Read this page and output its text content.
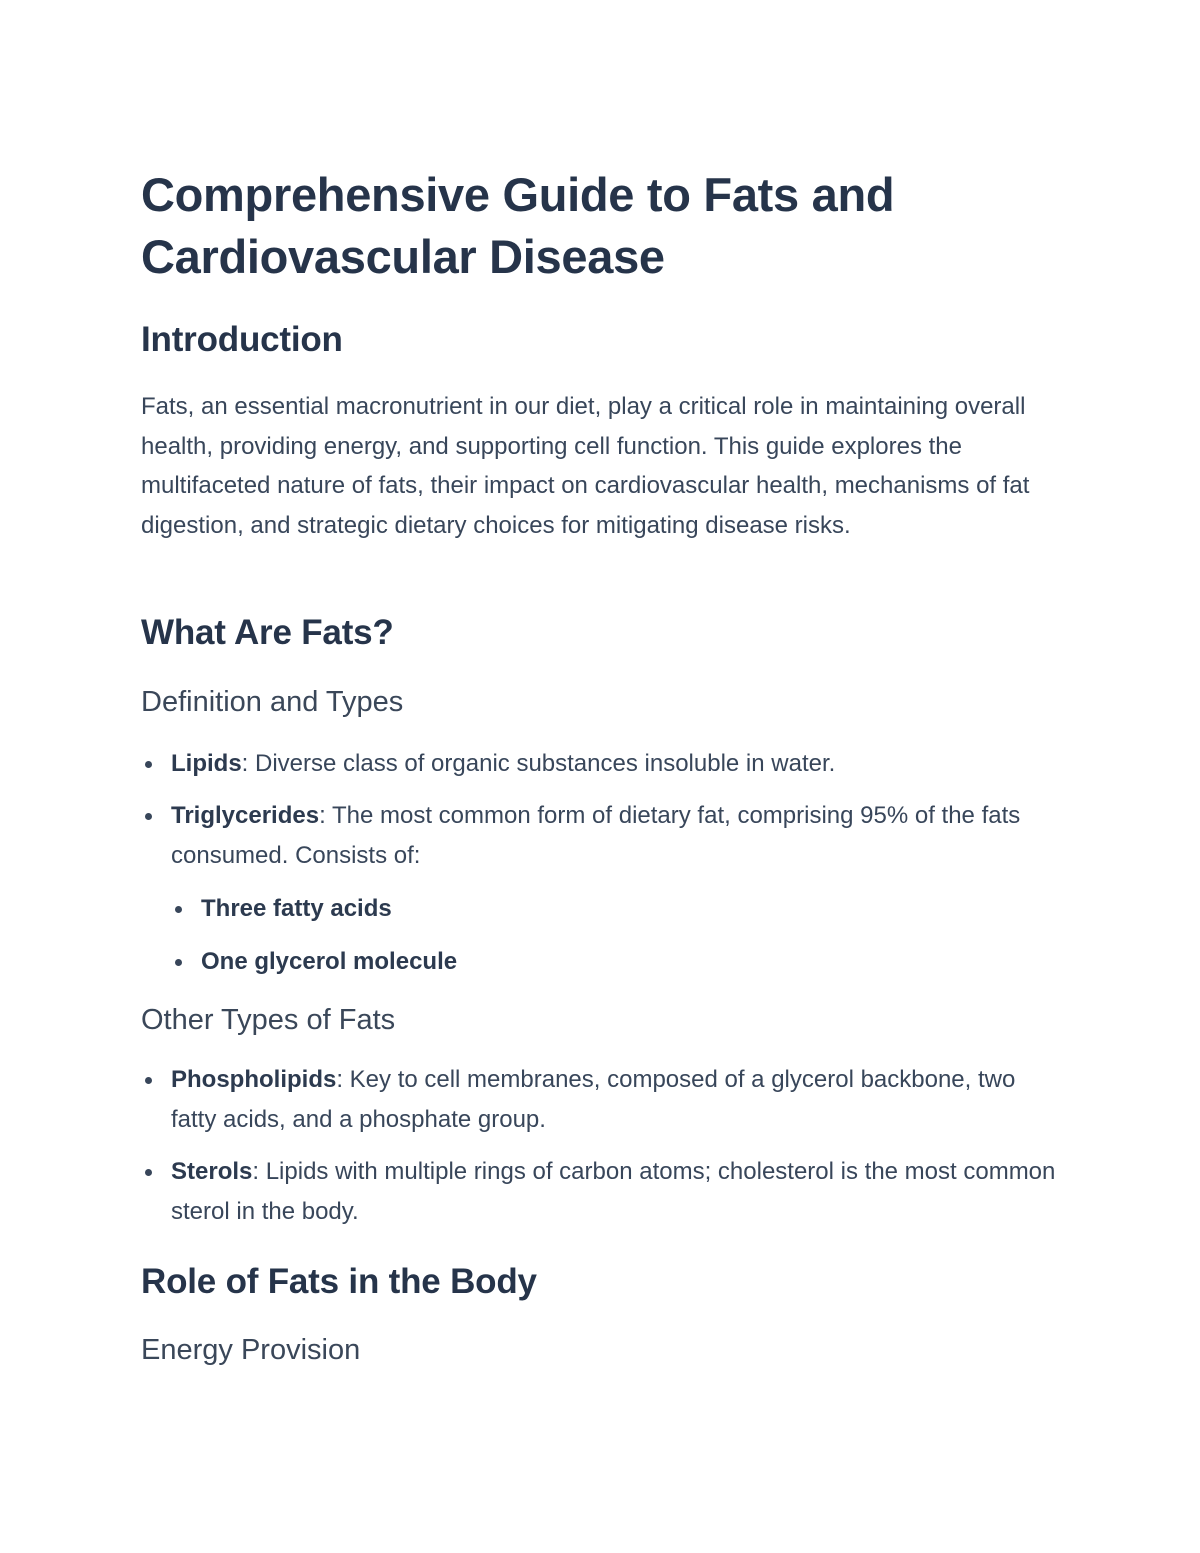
Comprehensive Guide to Fats and Cardiovascular Disease
Introduction

Fats, an essential macronutrient in our diet, play a critical role in maintaining overall health, providing energy, and supporting cell function. This guide explores the multifaceted nature of fats, their impact on cardiovascular health, mechanisms of fat digestion, and strategic dietary choices for mitigating disease risks.

What Are Fats?
Definition and Types

Lipids: Diverse class of organic substances insoluble in water.

Triglycerides: The most common form of dietary fat, comprising 95% of the fats consumed. Consists of:

Three fatty acids

One glycerol molecule

Other Types of Fats

Phospholipids: Key to cell membranes, composed of a glycerol backbone, two fatty acids, and a phosphate group.

Sterols: Lipids with multiple rings of carbon atoms; cholesterol is the most common sterol in the body.

Role of Fats in the Body
Energy Provision
